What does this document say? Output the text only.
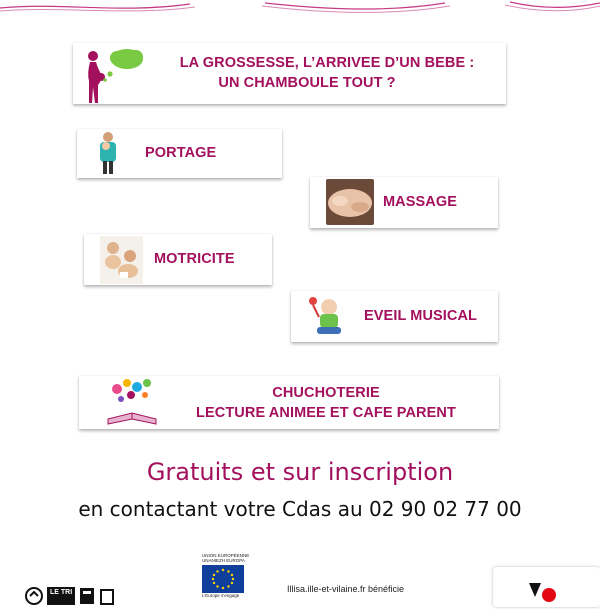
LA GROSSESSE, L’ARRIVEE D’UN BEBE :
UN CHAMBOULE TOUT ?
PORTAGE
MASSAGE
MOTRICITE
EVEIL MUSICAL
CHUCHOTERIE
LECTURE ANIMEE ET CAFE PARENT
Gratuits et sur inscription
en contactant votre Cdas au 02 90 02 77 00
LE TRI
UNION EUROPÉENNE
UNANIEZH EUROPA
L’Europe s’engage
Illisa.ille-et-vilaine.fr bénéficie
